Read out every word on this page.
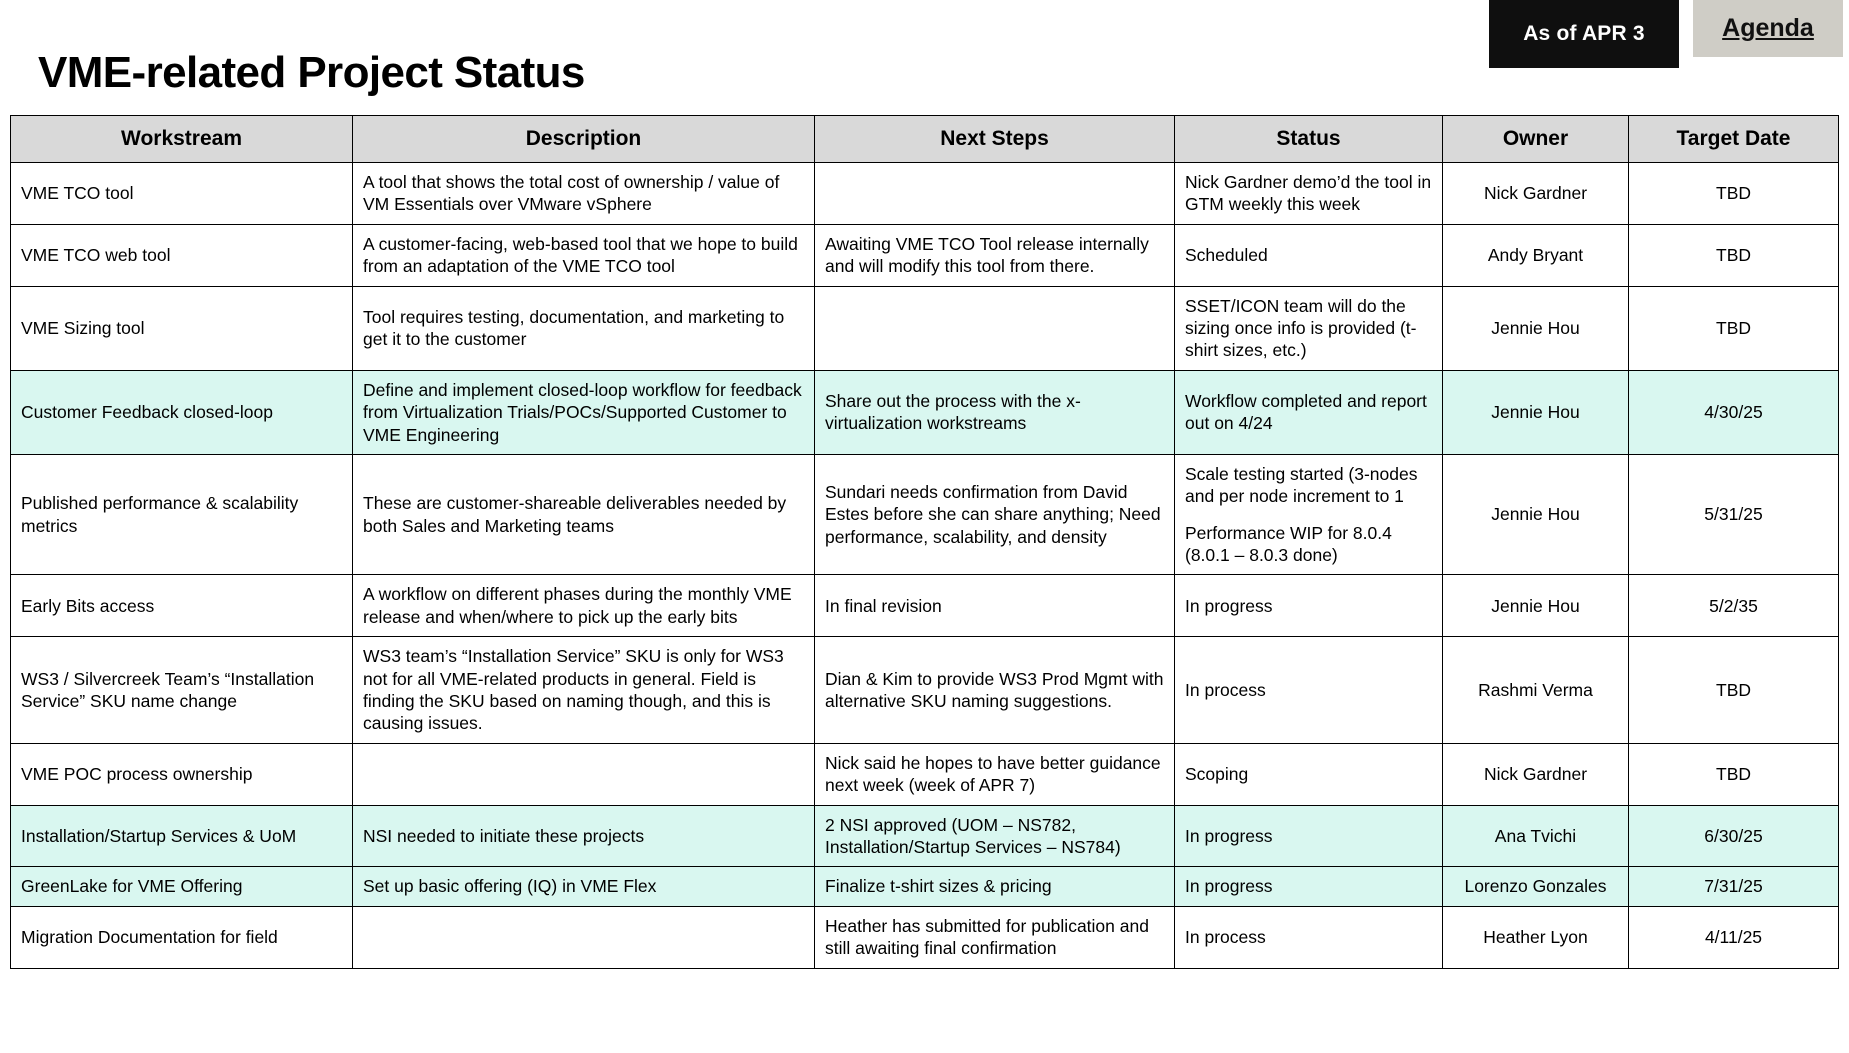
As of APR 3	Agenda
VME-related Project Status
Workstream	Description	Next Steps	Status	Owner	Target Date

VME TCO tool	A tool that shows the total cost of ownership / value of VM Essentials over VMware vSphere		Nick Gardner demo’d the tool in GTM weekly this week	Nick Gardner	TBD

VME TCO web tool	A customer-facing, web-based tool that we hope to build from an adaptation of the VME TCO tool	Awaiting VME TCO Tool release internally and will modify this tool from there.	Scheduled	Andy Bryant	TBD

VME Sizing tool	Tool requires testing, documentation, and marketing to get it to the customer		SSET/ICON team will do the sizing once info is provided (t-shirt sizes, etc.)	Jennie Hou	TBD

Customer Feedback closed-loop	Define and implement closed-loop workflow for feedback from Virtualization Trials/POCs/Supported Customer to VME Engineering	Share out the process with the x-virtualization workstreams	Workflow completed and report out on 4/24	Jennie Hou	4/30/25

Published performance & scalability metrics	These are customer-shareable deliverables needed by both Sales and Marketing teams	Sundari needs confirmation from David Estes before she can share anything; Need performance, scalability, and density	Scale testing started (3-nodes and per node increment to 1
Performance WIP for 8.0.4 (8.0.1 – 8.0.3 done)	Jennie Hou	5/31/25

Early Bits access	A workflow on different phases during the monthly VME release and when/where to pick up the early bits	In final revision	In progress	Jennie Hou	5/2/35

WS3 / Silvercreek Team’s “Installation Service” SKU name change	WS3 team’s “Installation Service” SKU is only for WS3 not for all VME-related products in general. Field is finding the SKU based on naming though, and this is causing issues.	Dian & Kim to provide WS3 Prod Mgmt with alternative SKU naming suggestions.	In process	Rashmi Verma	TBD

VME POC process ownership		Nick said he hopes to have better guidance next week (week of APR 7)	Scoping	Nick Gardner	TBD

Installation/Startup Services & UoM	NSI needed to initiate these projects	2 NSI approved (UOM – NS782, Installation/Startup Services – NS784)	In progress	Ana Tvichi	6/30/25

GreenLake for VME Offering	Set up basic offering (IQ) in VME Flex	Finalize t-shirt sizes & pricing	In progress	Lorenzo Gonzales	7/31/25

Migration Documentation for field		Heather has submitted for publication and still awaiting final confirmation	In process	Heather Lyon	4/11/25
